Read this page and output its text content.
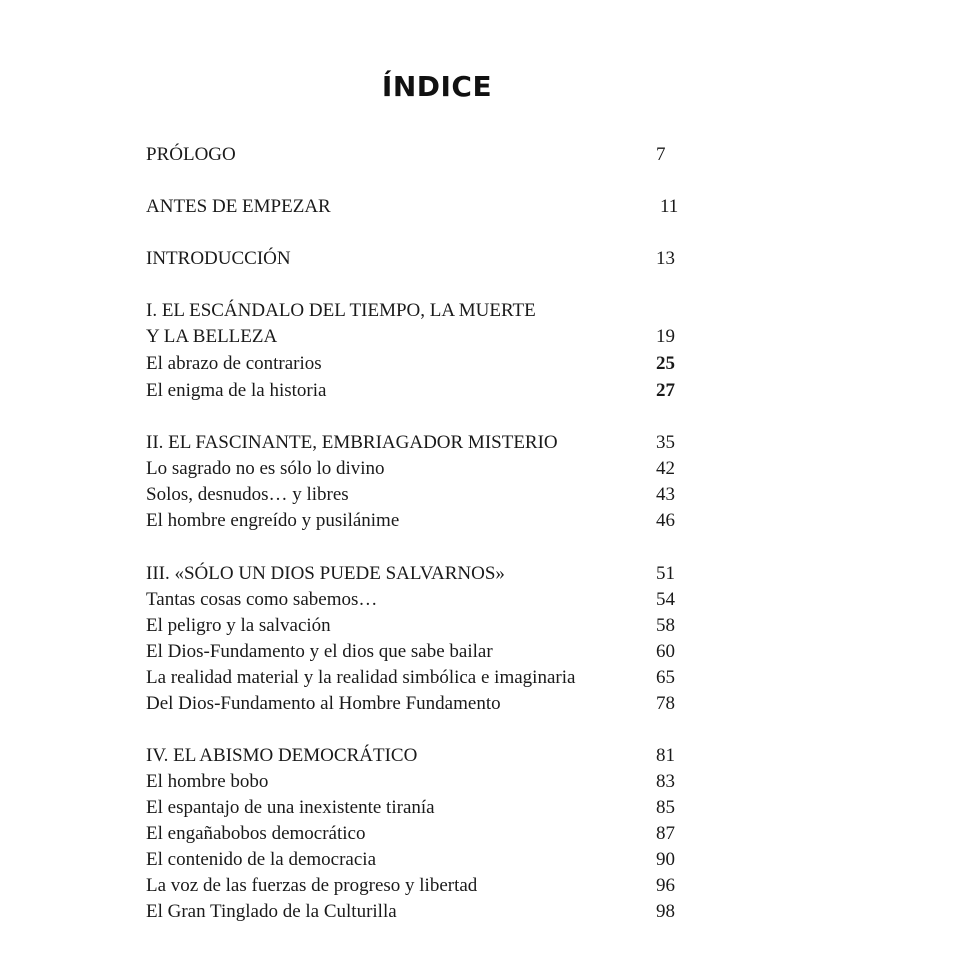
ÍNDICE
PRÓLOGO	7
ANTES DE EMPEZAR	11
INTRODUCCIÓN	13
I. EL ESCÁNDALO DEL TIEMPO, LA MUERTE
Y LA BELLEZA	19
El abrazo de contrarios	25
El enigma de la historia	27
II. EL FASCINANTE, EMBRIAGADOR MISTERIO	35
Lo sagrado no es sólo lo divino	42
Solos, desnudos… y libres	43
El hombre engreído y pusilánime	46
III. «SÓLO UN DIOS PUEDE SALVARNOS»	51
Tantas cosas como sabemos…	54
El peligro y la salvación	58
El Dios-Fundamento y el dios que sabe bailar	60
La realidad material y la realidad simbólica e imaginaria	65
Del Dios-Fundamento al Hombre Fundamento	78
IV. EL ABISMO DEMOCRÁTICO	81
El hombre bobo	83
El espantajo de una inexistente tiranía	85
El engañabobos democrático	87
El contenido de la democracia	90
La voz de las fuerzas de progreso y libertad	96
El Gran Tinglado de la Culturilla	98
